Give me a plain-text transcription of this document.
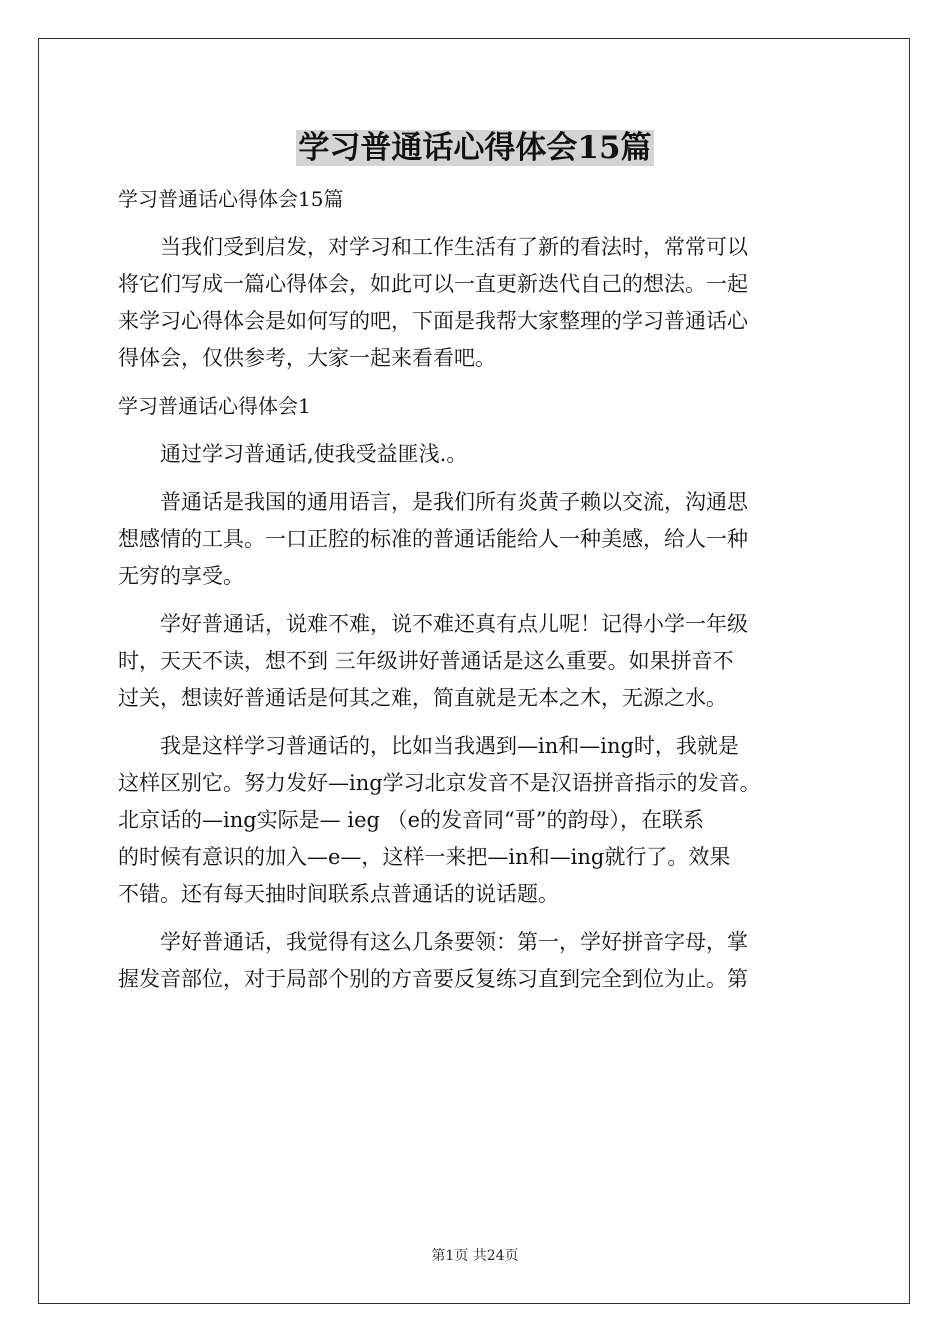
学习普通话心得体会15篇
学习普通话心得体会15篇
当我们受到启发，对学习和工作生活有了新的看法时，常常可以
将它们写成一篇心得体会，如此可以一直更新迭代自己的想法。一起
来学习心得体会是如何写的吧，下面是我帮大家整理的学习普通话心
得体会，仅供参考，大家一起来看看吧。
学习普通话心得体会1
通过学习普通话,使我受益匪浅.。
普通话是我国的通用语言，是我们所有炎黄子赖以交流，沟通思
想感情的工具。一口正腔的标准的普通话能给人一种美感，给人一种
无穷的享受。
学好普通话，说难不难，说不难还真有点儿呢！记得小学一年级
时，天天不读，想不到 三年级讲好普通话是这么重要。如果拼音不
过关，想读好普通话是何其之难，简直就是无本之木，无源之水。
我是这样学习普通话的，比如当我遇到—in和—ing时，我就是
这样区别它。努力发好—ing学习北京发音不是汉语拼音指示的发音。
北京话的—ing实际是— ieg （e的发音同“哥”的韵母），在联系
的时候有意识的加入—e—，这样一来把—in和—ing就行了。效果
不错。还有每天抽时间联系点普通话的说话题。
学好普通话，我觉得有这么几条要领：第一，学好拼音字母，掌
握发音部位，对于局部个别的方音要反复练习直到完全到位为止。第
第1页 共24页
